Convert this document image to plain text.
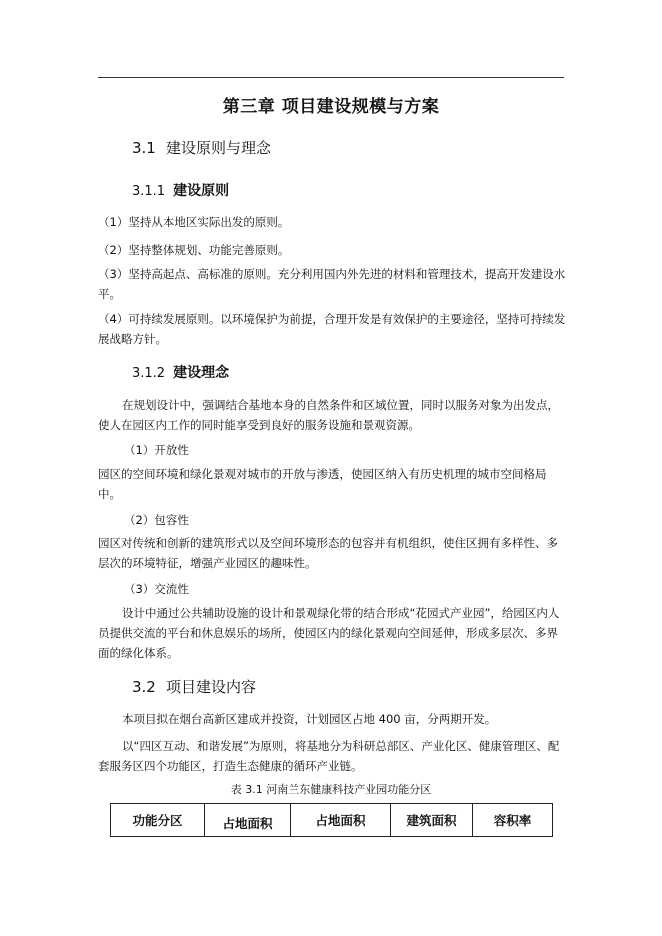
第三章 项目建设规模与方案
3.1 建设原则与理念
3.1.1 建设原则
（1）坚持从本地区实际出发的原则。
（2）坚持整体规划、功能完善原则。
（3）坚持高起点、高标准的原则。充分利用国内外先进的材料和管理技术，提高开发建设水平。
（4）可持续发展原则。以环境保护为前提，合理开发是有效保护的主要途径，坚持可持续发展战略方针。
3.1.2 建设理念
在规划设计中，强调结合基地本身的自然条件和区域位置，同时以服务对象为出发点，使人在园区内工作的同时能享受到良好的服务设施和景观资源。
（1）开放性
园区的空间环境和绿化景观对城市的开放与渗透，使园区纳入有历史机理的城市空间格局中。
（2）包容性
园区对传统和创新的建筑形式以及空间环境形态的包容并有机组织，使住区拥有多样性、多层次的环境特征，增强产业园区的趣味性。
（3）交流性
设计中通过公共辅助设施的设计和景观绿化带的结合形成“花园式产业园”，给园区内人员提供交流的平台和休息娱乐的场所，使园区内的绿化景观向空间延伸，形成多层次、多界面的绿化体系。
3.2 项目建设内容
本项目拟在烟台高新区建成并投资，计划园区占地 400 亩，分两期开发。
以“四区互动、和谐发展”为原则，将基地分为科研总部区、产业化区、健康管理区、配套服务区四个功能区，打造生态健康的循环产业链。
表 3.1 河南兰东健康科技产业园功能分区
功能分区	占地面积	占地面积	建筑面积	容积率
